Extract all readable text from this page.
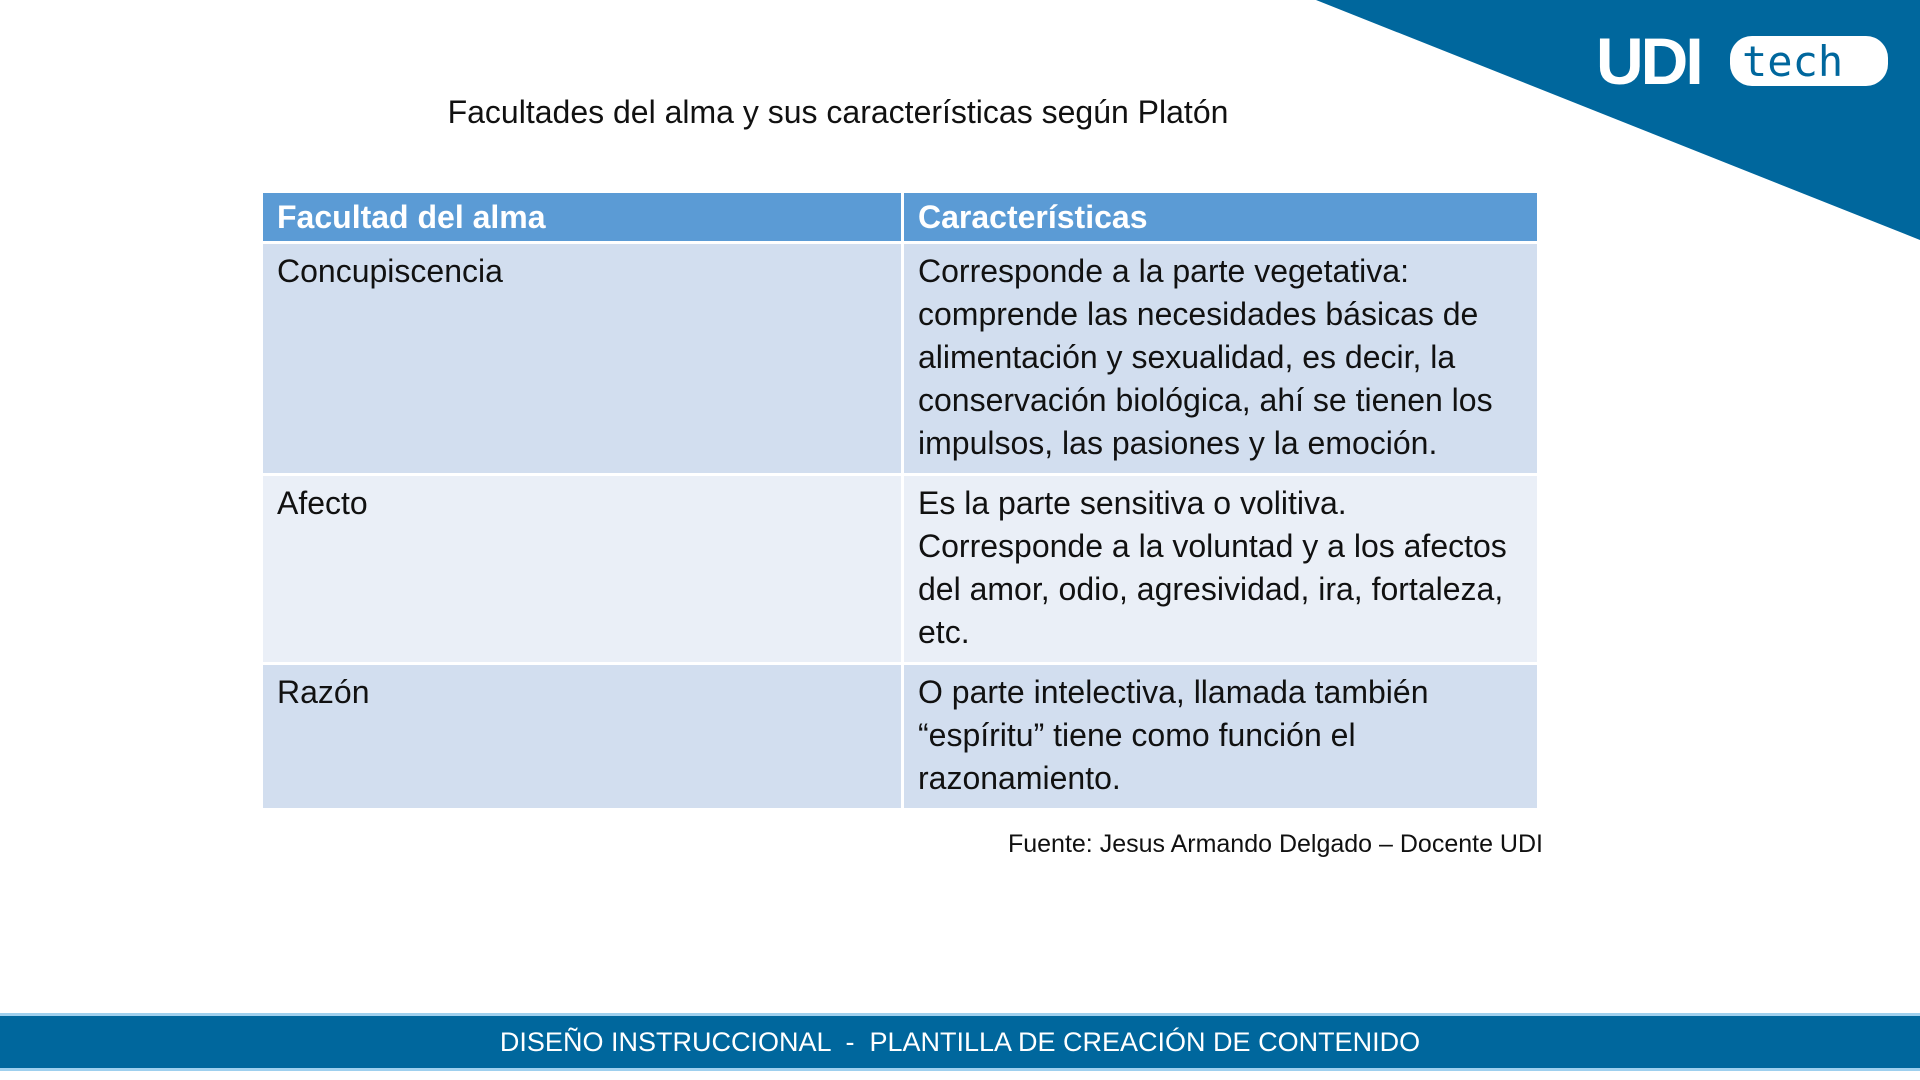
UDI tech
Facultades del alma y sus características según Platón
Facultad del alma	Características
Concupiscencia	Corresponde a la parte vegetativa: comprende las necesidades básicas de alimentación y sexualidad, es decir, la conservación biológica, ahí se tienen los impulsos, las pasiones y la emoción.
Afecto	Es la parte sensitiva o volitiva. Corresponde a la voluntad y a los afectos del amor, odio, agresividad, ira, fortaleza, etc.
Razón	O parte intelectiva, llamada también “espíritu” tiene como función el razonamiento.
Fuente: Jesus Armando Delgado – Docente UDI
DISEÑO INSTRUCCIONAL  -  PLANTILLA DE CREACIÓN DE CONTENIDO
